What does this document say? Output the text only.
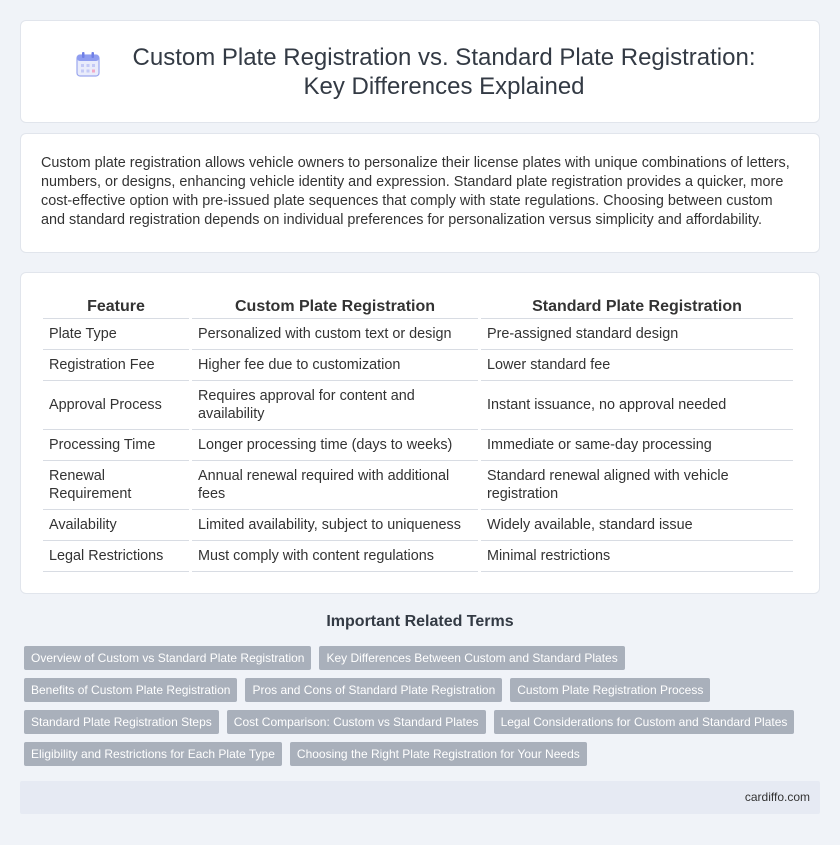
Custom Plate Registration vs. Standard Plate Registration: Key Differences Explained

Custom plate registration allows vehicle owners to personalize their license plates with unique combinations of letters, numbers, or designs, enhancing vehicle identity and expression. Standard plate registration provides a quicker, more cost-effective option with pre-issued plate sequences that comply with state regulations. Choosing between custom and standard registration depends on individual preferences for personalization versus simplicity and affordability.

Feature	Custom Plate Registration	Standard Plate Registration
Plate Type	Personalized with custom text or design	Pre-assigned standard design
Registration Fee	Higher fee due to customization	Lower standard fee
Approval Process	Requires approval for content and availability	Instant issuance, no approval needed
Processing Time	Longer processing time (days to weeks)	Immediate or same-day processing
Renewal Requirement	Annual renewal required with additional fees	Standard renewal aligned with vehicle registration
Availability	Limited availability, subject to uniqueness	Widely available, standard issue
Legal Restrictions	Must comply with content regulations	Minimal restrictions
Important Related Terms
Overview of Custom vs Standard Plate Registration	Key Differences Between Custom and Standard Plates
Benefits of Custom Plate Registration	Pros and Cons of Standard Plate Registration	Custom Plate Registration Process
Standard Plate Registration Steps	Cost Comparison: Custom vs Standard Plates	Legal Considerations for Custom and Standard Plates
Eligibility and Restrictions for Each Plate Type	Choosing the Right Plate Registration for Your Needs
cardiffo.com
